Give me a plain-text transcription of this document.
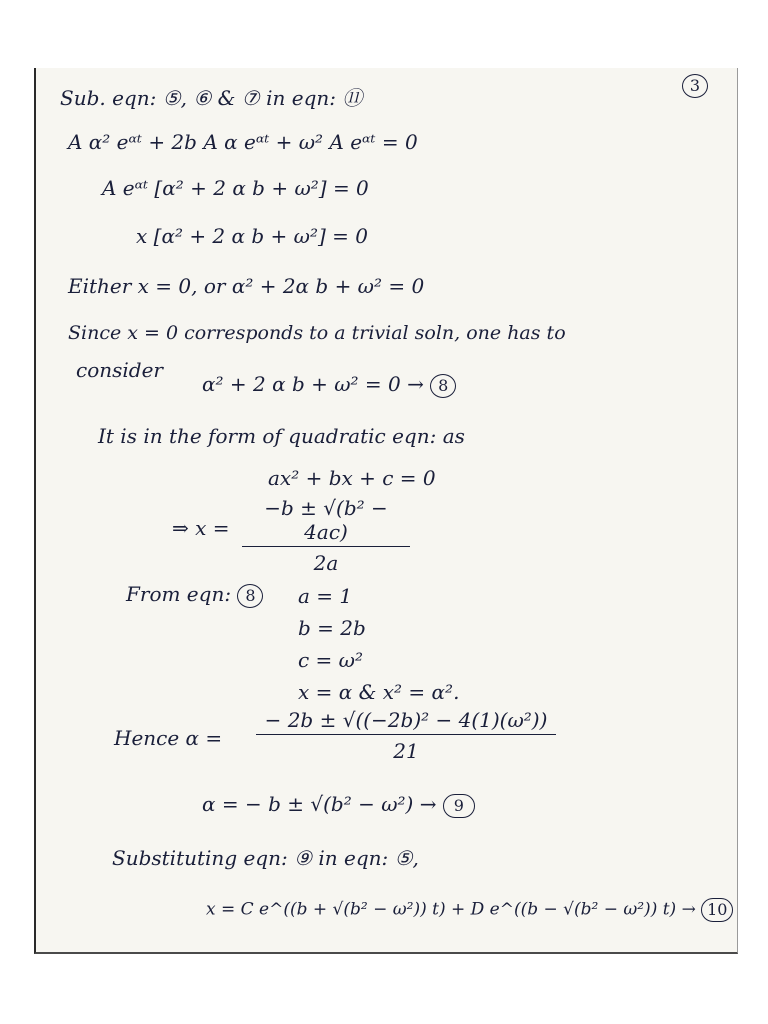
3
Sub. eqn: ⑤, ⑥ & ⑦ in eqn: ⑪
A α² eᵅᵗ + 2b A α eᵅᵗ + ω² A eᵅᵗ = 0
A eᵅᵗ [α² + 2 α b + ω²] = 0
x [α² + 2 α b + ω²] = 0
Either x = 0, or α² + 2α b + ω² = 0
Since x = 0 corresponds to a trivial soln, one has to
consider
α² + 2 α b + ω² = 0 → 8
It is in the form of quadratic eqn: as
ax² + bx + c = 0
⇒ x =
−b ± √(b² − 4ac)
2a
From eqn: 8	a = 1
b = 2b
c = ω²
x = α & x² = α².
Hence α =
− 2b ± √((−2b)² − 4(1)(ω²))
21
α = − b ± √(b² − ω²) → 9
Substituting eqn: ⑨ in eqn: ⑤,
x = C e^((b + √(b² − ω²)) t) + D e^((b − √(b² − ω²)) t) → 10
